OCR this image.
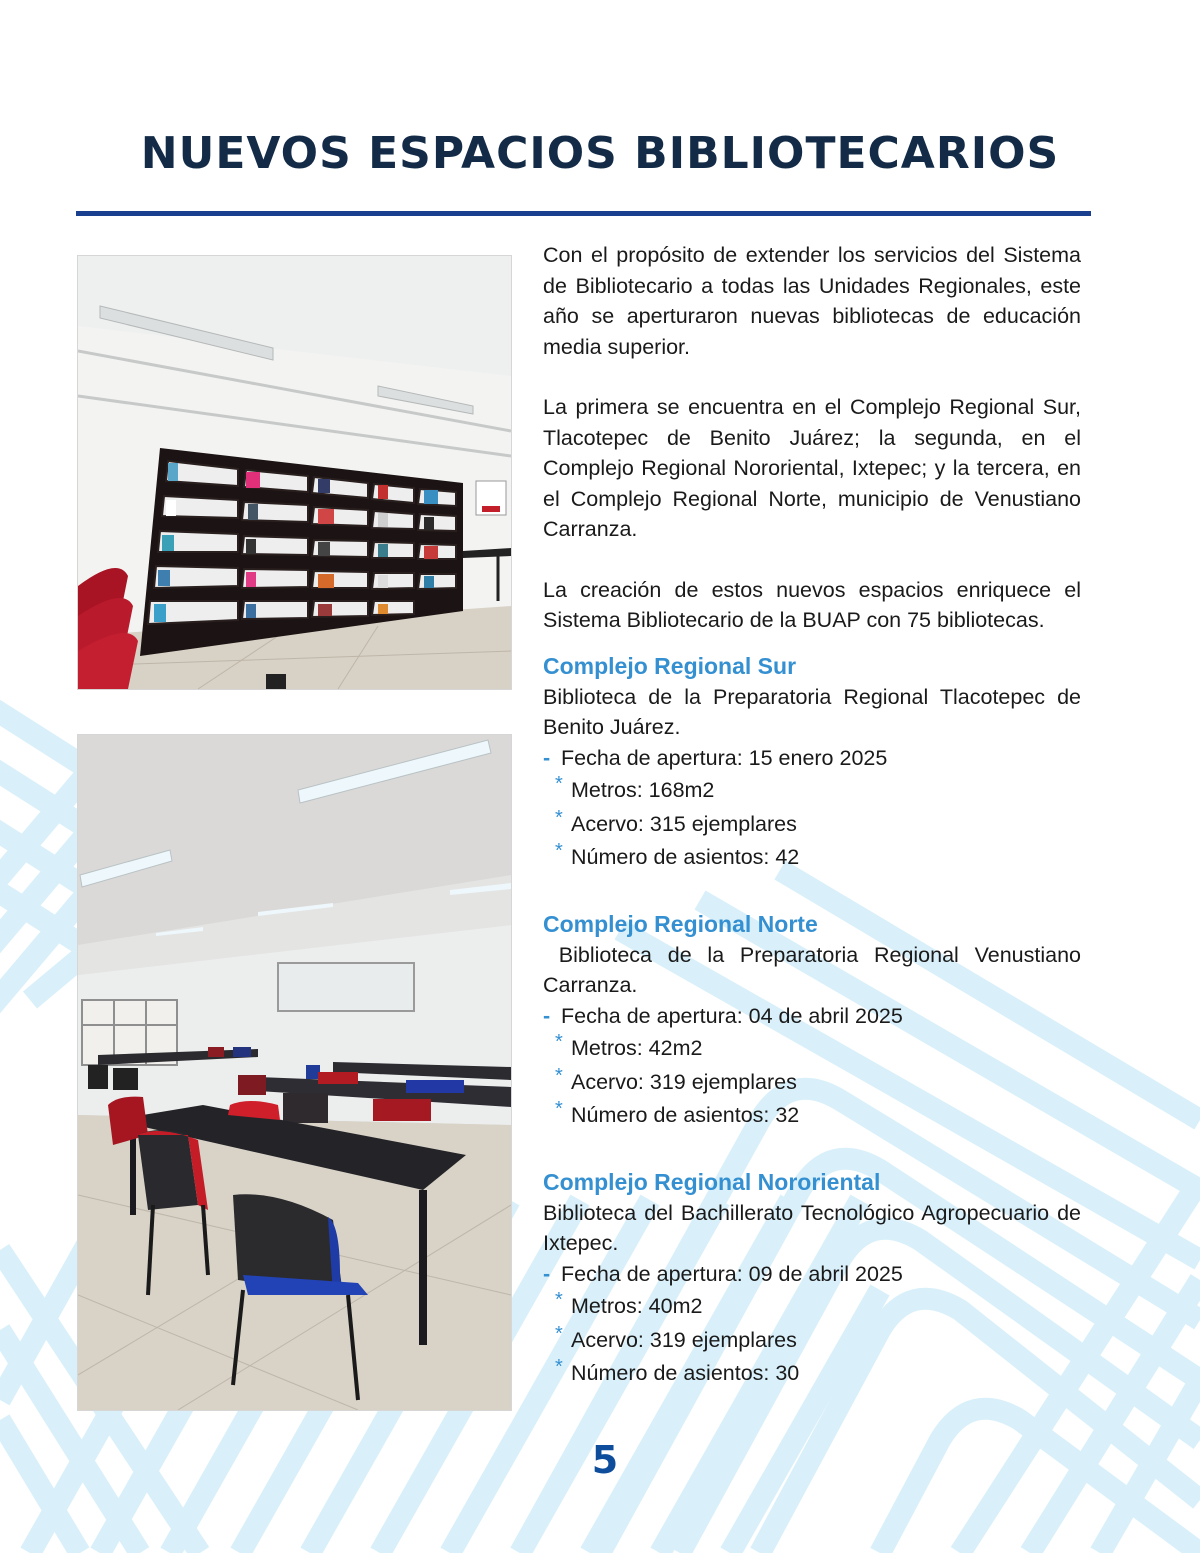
NUEVOS ESPACIOS BIBLIOTECARIOS

Con el propósito de extender los servicios del Sistema de Bibliotecario a todas las Unidades Regionales, este año se aperturaron nuevas bibliotecas de educación media superior.

La primera se encuentra en el Complejo Regional Sur, Tlacotepec de Benito Juárez; la segunda, en el Complejo Regional Nororiental, Ixtepec; y la tercera, en el Complejo Regional Norte, municipio de Venustiano Carranza.

La creación de estos nuevos espacios enriquece el Sistema Bibliotecario de la BUAP con 75 bibliotecas.

Complejo Regional Sur

Biblioteca de la Preparatoria Regional Tlacotepec de Benito Juárez.

- Fecha de apertura: 15 enero 2025

* Metros: 168m2

* Acervo: 315 ejemplares

* Número de asientos: 42

Complejo Regional Norte

Biblioteca de la Preparatoria Regional Venustiano Carranza.

- Fecha de apertura: 04 de abril 2025

* Metros: 42m2

* Acervo: 319 ejemplares

* Número de asientos: 32

Complejo Regional Nororiental

Biblioteca del Bachillerato Tecnológico Agropecuario de Ixtepec.

- Fecha de apertura: 09 de abril 2025

* Metros: 40m2

* Acervo: 319 ejemplares

* Número de asientos: 30

5
